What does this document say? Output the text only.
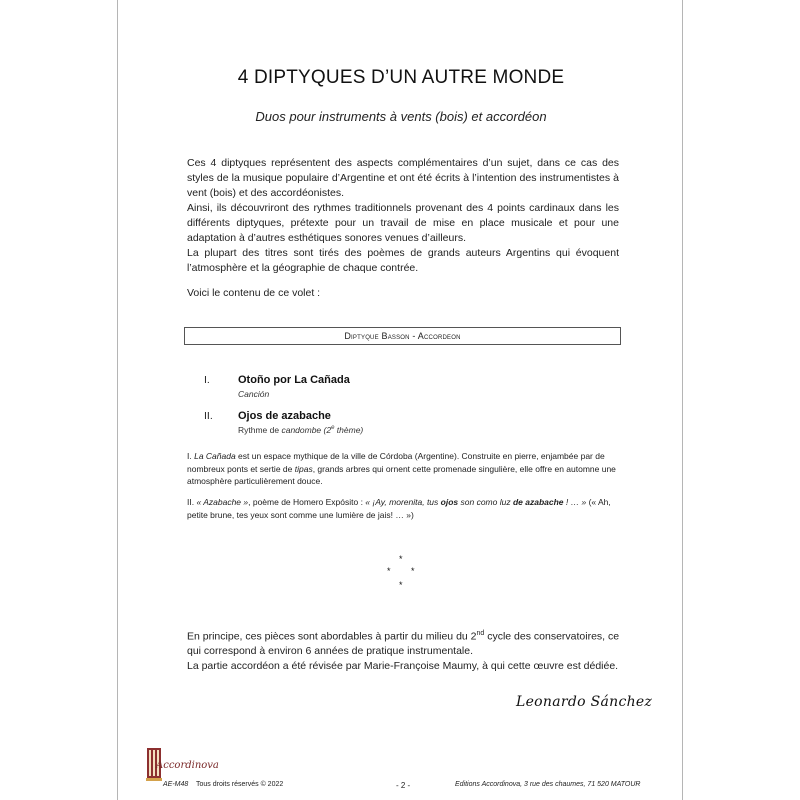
4 DIPTYQUES D’UN AUTRE MONDE
Duos pour instruments à vents (bois) et accordéon

Ces 4 diptyques représentent des aspects complémentaires d’un sujet, dans ce cas des styles de la musique populaire d’Argentine et ont été écrits à l’intention des instrumentistes à vent (bois) et des accordéonistes.

Ainsi, ils découvriront des rythmes traditionnels provenant des 4 points cardinaux dans les différents diptyques, prétexte pour un travail de mise en place musicale et pour une adaptation à d’autres esthétiques sonores venues d’ailleurs.

La plupart des titres sont tirés des poèmes de grands auteurs Argentins qui évoquent l’atmosphère et la géographie de chaque contrée.

Voici le contenu de ce volet :
Diptyque Basson - Accordeon
I.	Otoño por La Cañada
Canción
II. Ojos de azabache
Rythme de candombe (2e thème)
I. La Cañada est un espace mythique de la ville de Córdoba (Argentine). Construite en pierre, enjambée par de nombreux ponts et sertie de tipas, grands arbres qui ornent cette promenade singulière, elle offre en automne une atmosphère particulièrement douce.
II. « Azabache », poème de Homero Expósito : « ¡Ay, morenita, tus ojos son como luz de azabache ! … » (« Ah, petite brune, tes yeux sont comme une lumière de jais! … »)
*
* *
*

En principe, ces pièces sont abordables à partir du milieu du 2nd cycle des conservatoires, ce qui correspond à environ 6 années de pratique instrumentale.

La partie accordéon a été révisée par Marie-Françoise Maumy, à qui cette œuvre est dédiée.

Leonardo Sánchez
Accordinova
AE-M48 Tous droits réservés © 2022	- 2 -	Editions Accordinova, 3 rue des chaumes, 71 520 MATOUR
